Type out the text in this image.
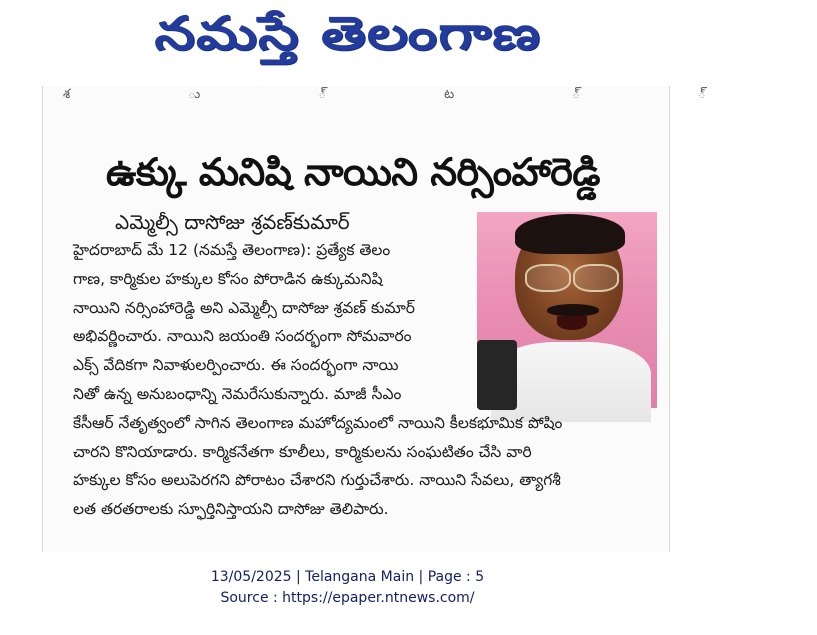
నమస్తే తెలంగాణ
శ	ు	్	ట	్	్
ఉక్కు మనిషి నాయిని నర్సింహారెడ్డి
ఎమ్మెల్సీ దాసోజు శ్రవణ్‌కుమార్
హైదరాబాద్ మే 12 (నమస్తే తెలంగాణ): ప్రత్యేక తెలం
గాణ, కార్మికుల హక్కుల కోసం పోరాడిన ఉక్కుమనిషి
నాయిని నర్సింహారెడ్డి అని ఎమ్మెల్సీ దాసోజు శ్రవణ్ కుమార్
అభివర్ణించారు. నాయిని జయంతి సందర్భంగా సోమవారం
ఎక్స్ వేదికగా నివాళులర్పించారు. ఈ సందర్భంగా నాయి
నితో ఉన్న అనుబంధాన్ని నెమరేసుకున్నారు. మాజీ సీఎం
కేసీఆర్ నేతృత్వంలో సాగిన తెలంగాణ మహోద్యమంలో నాయిని కీలకభూమిక పోషిం
చారని కొనియాడారు. కార్మికనేతగా కూలీలు, కార్మికులను సంఘటితం చేసి వారి
హక్కుల కోసం అలుపెరగని పోరాటం చేశారని గుర్తుచేశారు. నాయిని సేవలు, త్యాగశీ
లత తరతరాలకు స్ఫూర్తినిస్తాయని దాసోజు తెలిపారు.
13/05/2025 | Telangana Main | Page : 5
Source : https://epaper.ntnews.com/
